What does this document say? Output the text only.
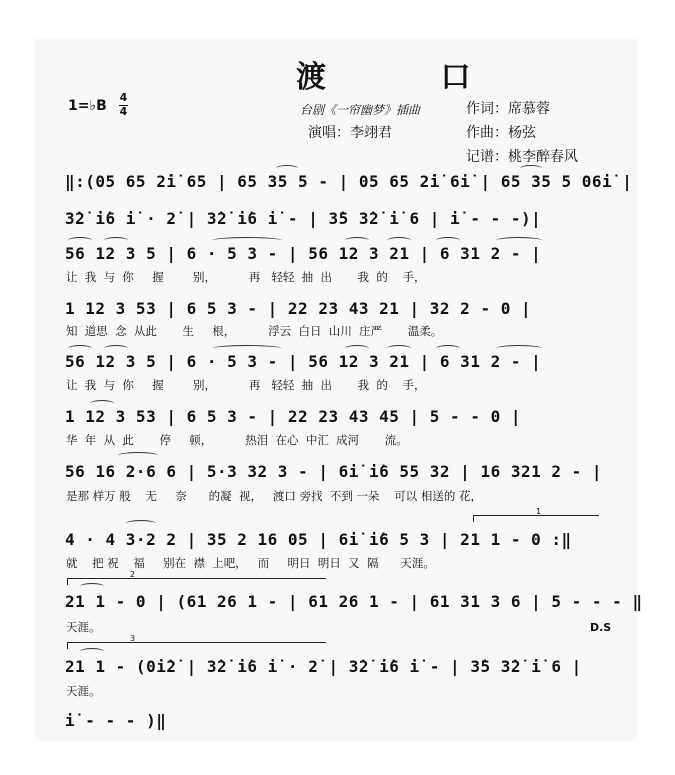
渡 口
1=♭B
4
4	台剧《一帘幽梦》插曲	作词：席慕蓉
演唱：李翊君	作曲：杨弦
记谱：桃李醉春风
‖:(05 65 2̇i̇ 65 | 65 35 5 - | 05 65 2̇i̇ 6i̇ | 65 35 5 06i̇ |
3̇2̇ i̇6 i̇ · 2̇ | 3̇2̇ i̇6 i̇ - | 3̇5 3̇2̇ i̇ 6 | i̇ - - -)|
56 12 3 5 | 6 · 5 3 - | 56 12 3 21 | 6 31 2 - |
让  我  与  你     握        别，         再   轻轻  抽  出       我  的    手，
1 12 3 53 | 6 5 3 - | 22 23 43 21 | 32 2 - 0 |
知  道思  念  从此       生     根，         浮云  白日  山川  庄严       温柔。
56 12 3 5 | 6 · 5 3 - | 56 12 3 21 | 6 31 2 - |
让  我  与  你     握        别，         再   轻轻  抽  出       我  的    手，
1 12 3 53 | 6 5 3 - | 22 23 43 45 | 5 - - 0 |
华  年  从  此       停     顿，         热泪  在心  中汇  成河       流。
56 16 2·6 6 | 5·3 32 3 - | 6i̇ i̇6 55 32 | 16 321 2 - |
是那 样万 般    无     奈      的凝  视，   渡口 旁找  不到 一朵    可以 相送的 花，
1
4 · 4 3·2 2 | 35 2 16 05 | 6i̇ i̇6 5 3 | 21 1 - 0 :‖
就    把 祝    福     别在  襟  上吧，   而     明日  明日  又  隔      天涯。
2
21 1 - 0 | (61 26 1 - | 61 26 1 - | 61 31 3 6 | 5 - - - ‖
天涯。	D.S
3
21 1 - (0i̇2̇ | 3̇2̇ i̇6 i̇ · 2̇ | 3̇2̇ i̇6 i̇ - | 3̇5 3̇2̇ i̇ 6 |
天涯。
i̇ - - - )‖
